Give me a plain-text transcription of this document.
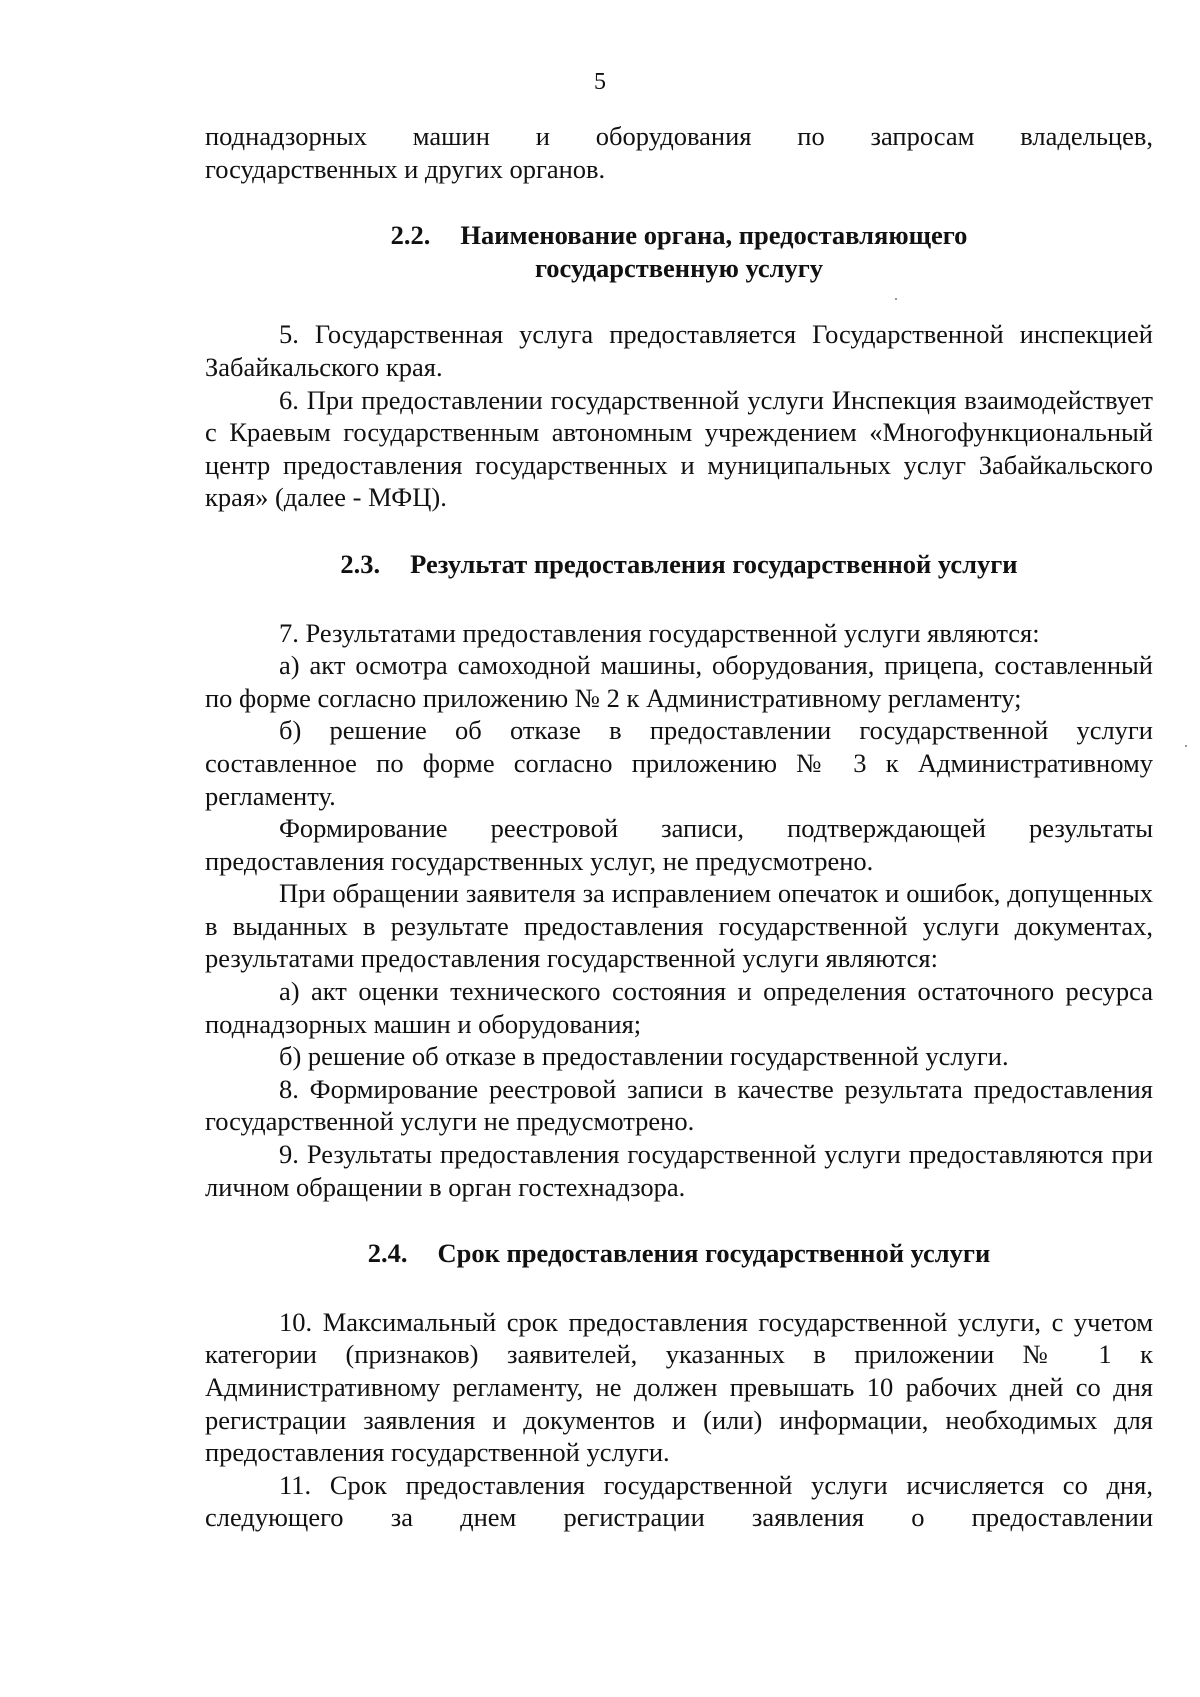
5

поднадзорных машин и оборудования по запросам владельцев,

государственных и других органов.

2.2. Наименование органа, предоставляющего
государственную услугу

5. Государственная услуга предоставляется Государственной инспекцией Забайкальского края.

6. При предоставлении государственной услуги Инспекция взаимодействует с Краевым государственным автономным учреждением «Многофункциональный центр предоставления государственных и муниципальных услуг Забайкальского края» (далее - МФЦ).

2.3. Результат предоставления государственной услуги

7. Результатами предоставления государственной услуги являются:

а) акт осмотра самоходной машины, оборудования, прицепа, составленный по форме согласно приложению № 2 к Административному регламенту;

б) решение об отказе в предоставлении государственной услуги составленное по форме согласно приложению № 3 к Административному регламенту.

Формирование реестровой записи, подтверждающей результаты предоставления государственных услуг, не предусмотрено.

При обращении заявителя за исправлением опечаток и ошибок, допущенных в выданных в результате предоставления государственной услуги документах, результатами предоставления государственной услуги являются:

а) акт оценки технического состояния и определения остаточного ресурса поднадзорных машин и оборудования;

б) решение об отказе в предоставлении государственной услуги.

8. Формирование реестровой записи в качестве результата предоставления государственной услуги не предусмотрено.

9. Результаты предоставления государственной услуги предоставляются при личном обращении в орган гостехнадзора.

2.4. Срок предоставления государственной услуги

10. Максимальный срок предоставления государственной услуги, с учетом категории (признаков) заявителей, указанных в приложении № 1 к Административному регламенту, не должен превышать 10 рабочих дней со дня регистрации заявления и документов и (или) информации, необходимых для предоставления государственной услуги.

11. Срок предоставления государственной услуги исчисляется со дня, следующего за днем регистрации заявления о предоставлении
